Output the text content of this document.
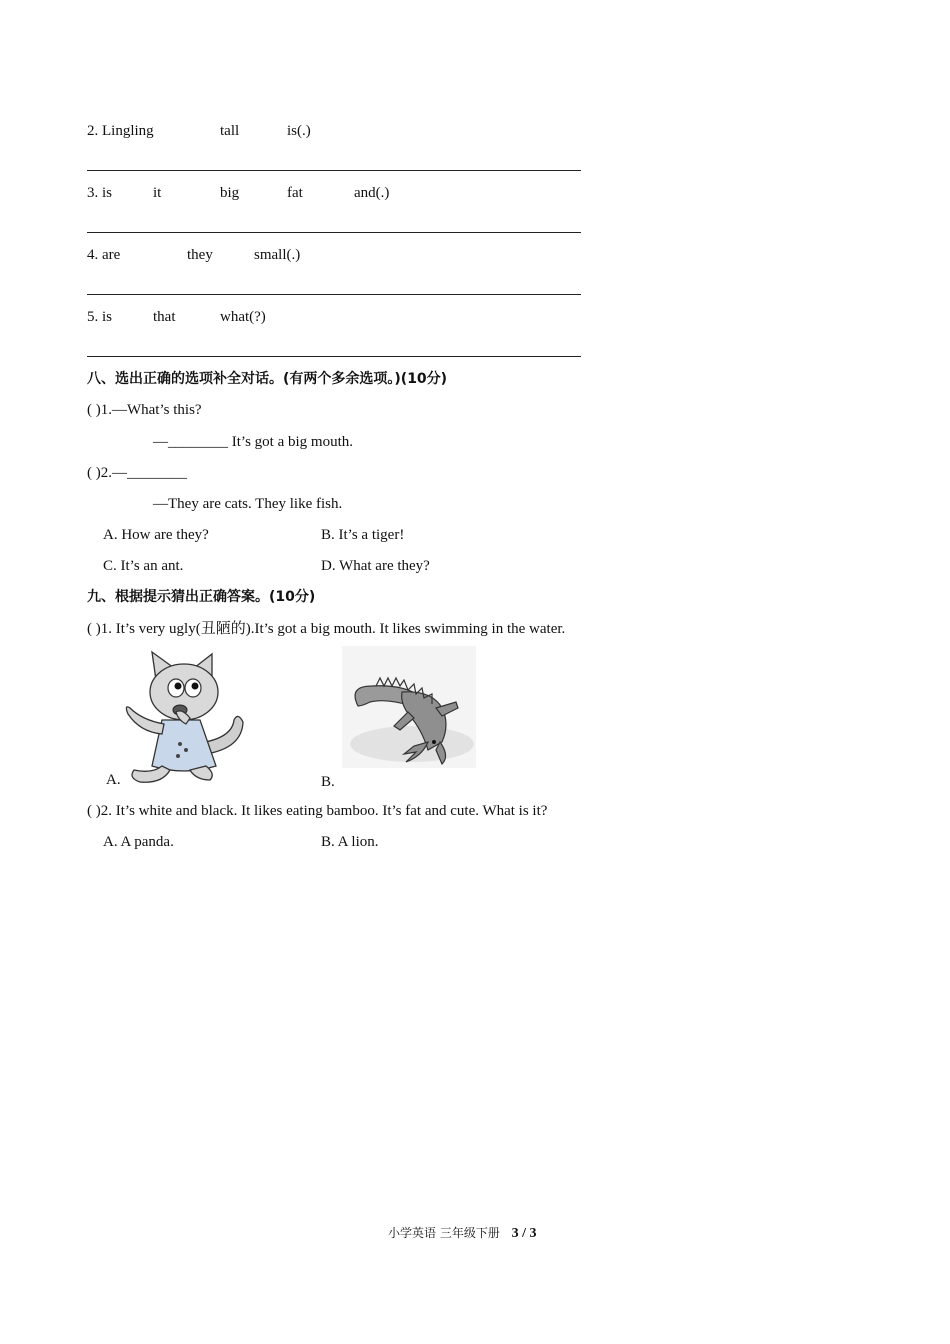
2. Lingling	tall	is(.)
3. is	it	big	fat	and(.)
4. are	they	small(.)
5. is	that	what(?)
八、选出正确的选项补全对话。(有两个多余选项。)(10分)
( )1.—What’s this?
—________ It’s got a big mouth.
( )2.—________
—They are cats. They like fish.
A. How are they?	B. It’s a tiger!
C. It’s an ant.	D. What are they?
九、根据提示猜出正确答案。(10分)
( )1. It’s very ugly(丑陋的).It’s got a big mouth. It likes swimming in the water.
A.	B.
( )2. It’s white and black. It likes eating bamboo. It’s fat and cute. What is it?
A. A panda.	B. A lion.
小学英语 三年级下册 3 / 3
